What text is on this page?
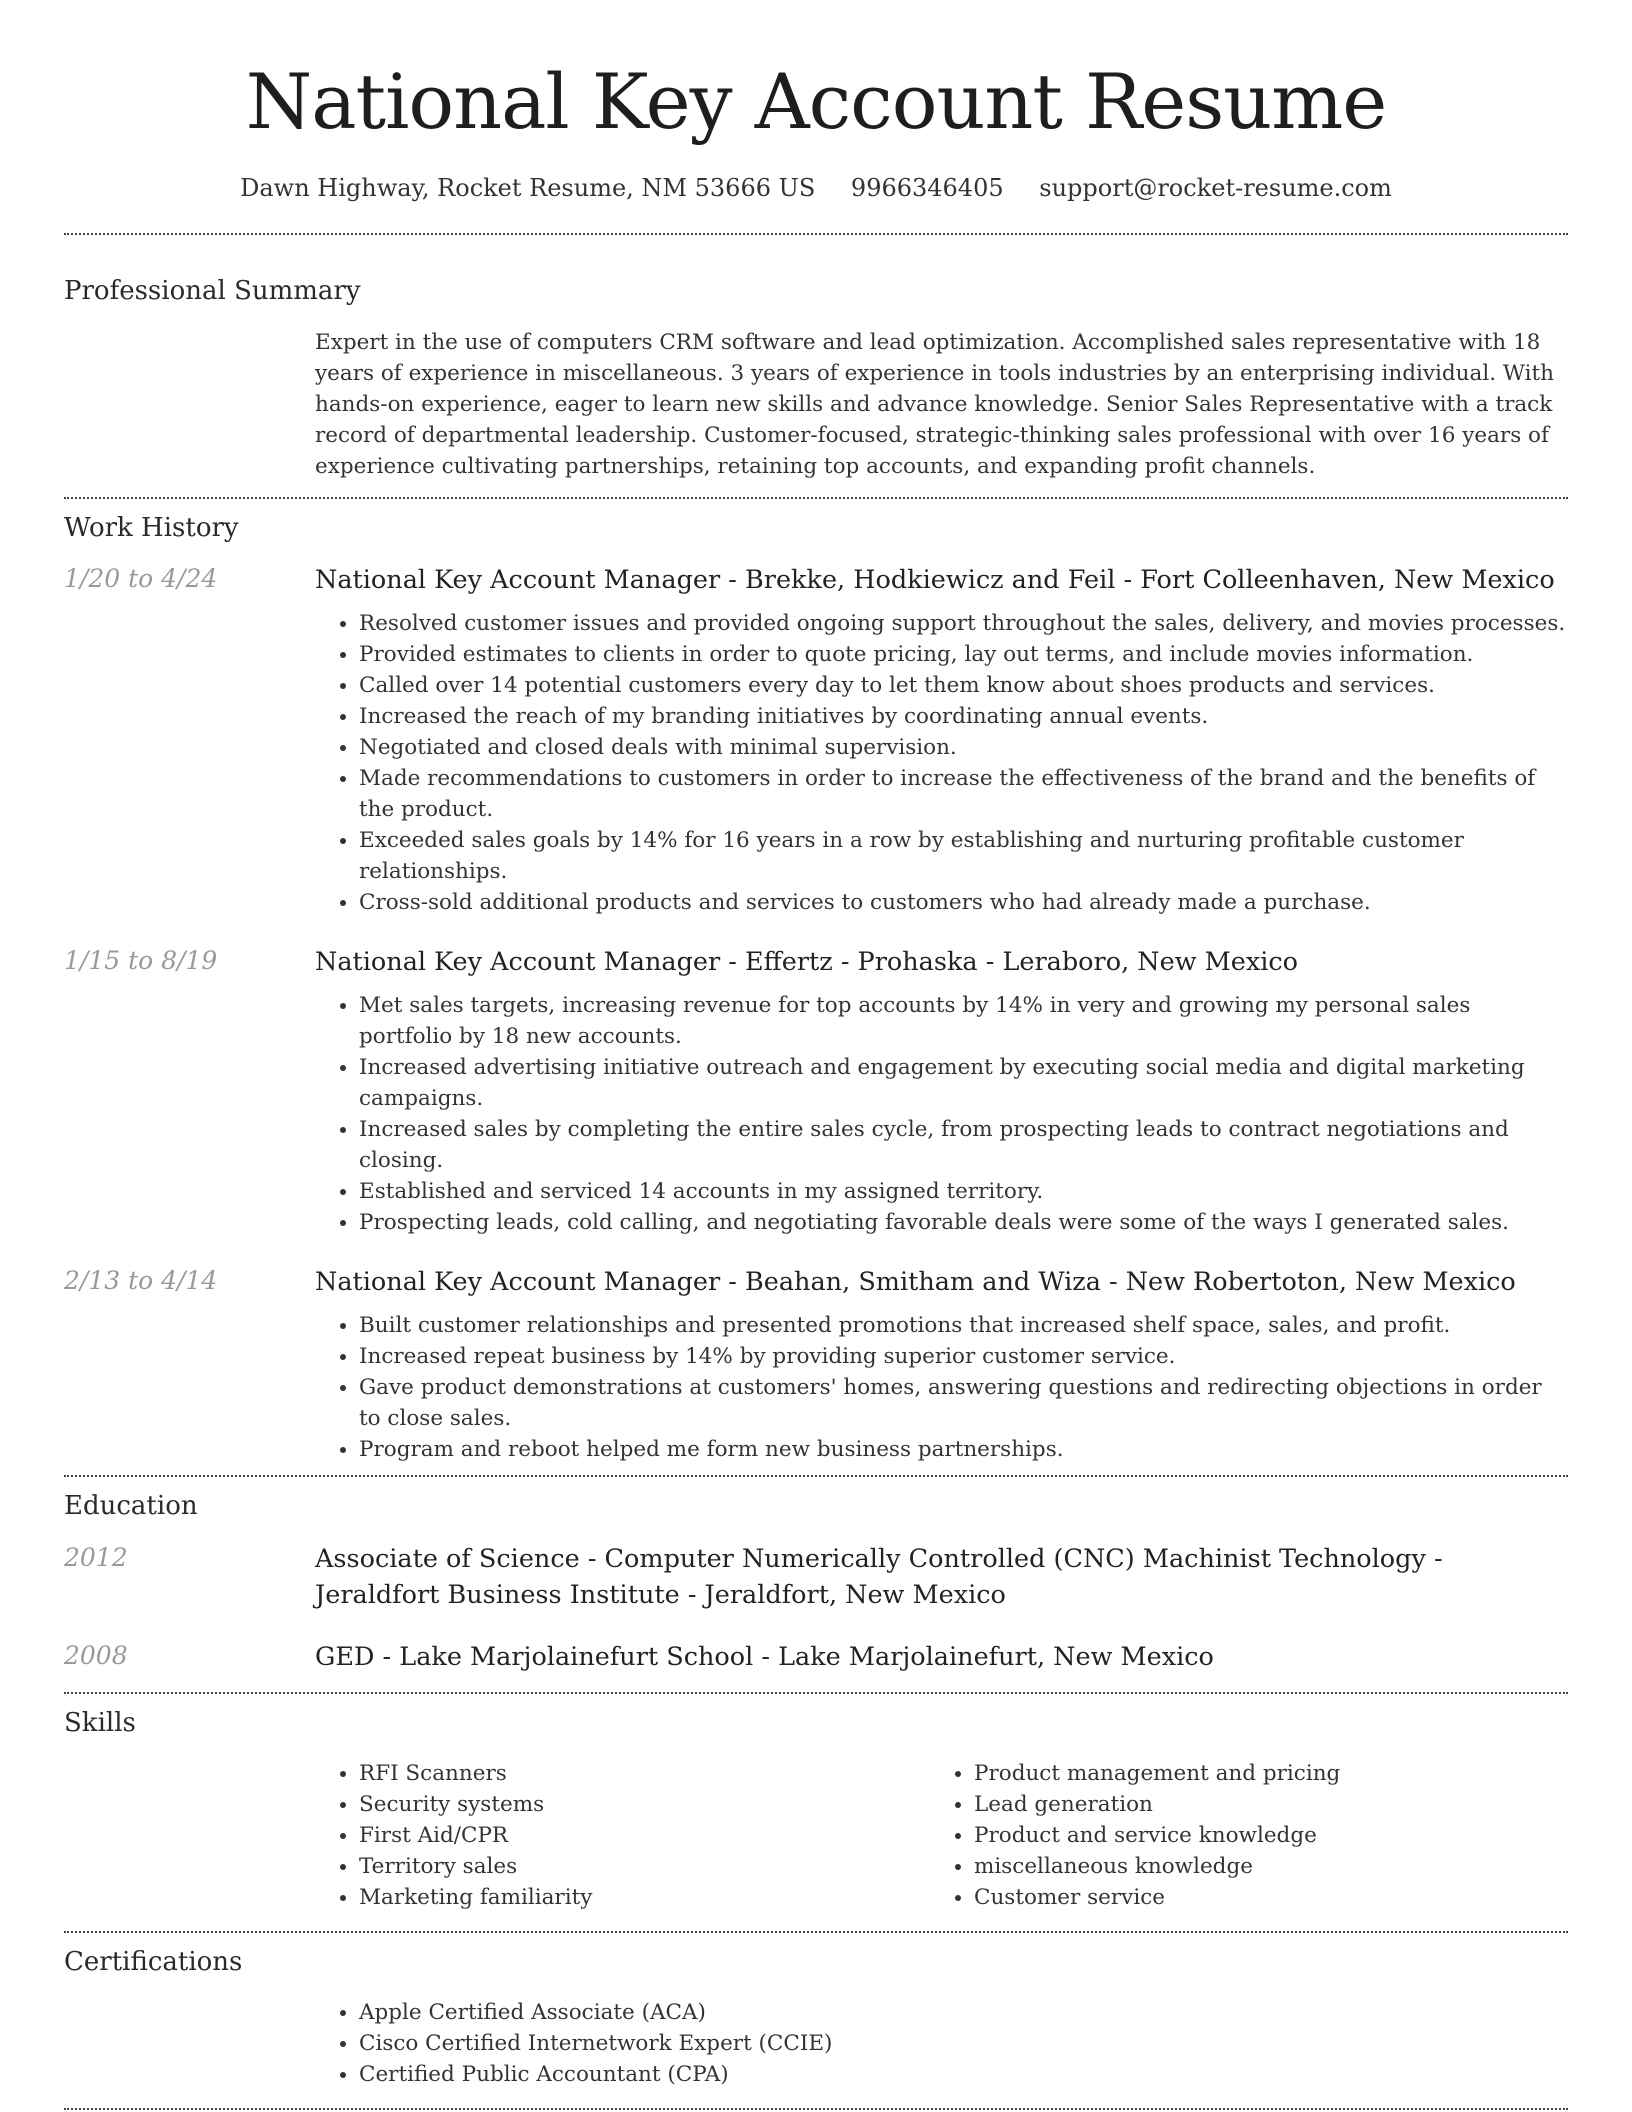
National Key Account Resume
Dawn Highway, Rocket Resume, NM 53666 US 9966346405 support@rocket-resume.com
Professional Summary
Expert in the use of computers CRM software and lead optimization. Accomplished sales representative with 18 years of experience in miscellaneous. 3 years of experience in tools industries by an enterprising individual. With hands-on experience, eager to learn new skills and advance knowledge. Senior Sales Representative with a track record of departmental leadership. Customer-focused, strategic-thinking sales professional with over 16 years of experience cultivating partnerships, retaining top accounts, and expanding profit channels.
Work History
1/20 to 4/24	National Key Account Manager - Brekke, Hodkiewicz and Feil - Fort Colleenhaven, New Mexico
• Resolved customer issues and provided ongoing support throughout the sales, delivery, and movies processes.
• Provided estimates to clients in order to quote pricing, lay out terms, and include movies information.
• Called over 14 potential customers every day to let them know about shoes products and services.
• Increased the reach of my branding initiatives by coordinating annual events.
• Negotiated and closed deals with minimal supervision.
• Made recommendations to customers in order to increase the effectiveness of the brand and the benefits of the product.
• Exceeded sales goals by 14% for 16 years in a row by establishing and nurturing profitable customer relationships.
• Cross-sold additional products and services to customers who had already made a purchase.
1/15 to 8/19	National Key Account Manager - Effertz - Prohaska - Leraboro, New Mexico
• Met sales targets, increasing revenue for top accounts by 14% in very and growing my personal sales portfolio by 18 new accounts.
• Increased advertising initiative outreach and engagement by executing social media and digital marketing campaigns.
• Increased sales by completing the entire sales cycle, from prospecting leads to contract negotiations and closing.
• Established and serviced 14 accounts in my assigned territory.
• Prospecting leads, cold calling, and negotiating favorable deals were some of the ways I generated sales.
2/13 to 4/14	National Key Account Manager - Beahan, Smitham and Wiza - New Robertoton, New Mexico
• Built customer relationships and presented promotions that increased shelf space, sales, and profit.
• Increased repeat business by 14% by providing superior customer service.
• Gave product demonstrations at customers' homes, answering questions and redirecting objections in order to close sales.
• Program and reboot helped me form new business partnerships.
Education
2012	Associate of Science - Computer Numerically Controlled (CNC) Machinist Technology - Jeraldfort Business Institute - Jeraldfort, New Mexico
2008	GED - Lake Marjolainefurt School - Lake Marjolainefurt, New Mexico
Skills
• RFI Scanners
• Security systems
• First Aid/CPR
• Territory sales
• Marketing familiarity
• Product management and pricing
• Lead generation
• Product and service knowledge
• miscellaneous knowledge
• Customer service
Certifications
• Apple Certified Associate (ACA)
• Cisco Certified Internetwork Expert (CCIE)
• Certified Public Accountant (CPA)
